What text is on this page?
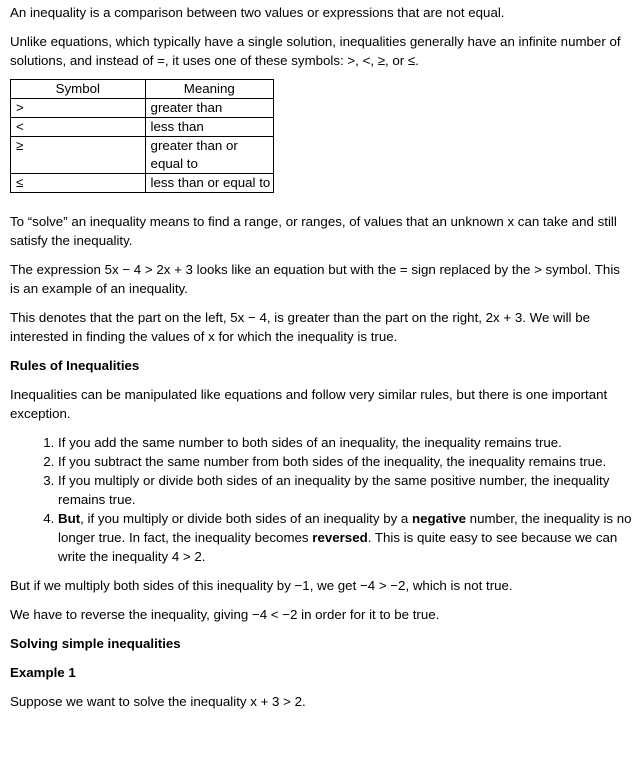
An inequality is a comparison between two values or expressions that are not equal.

Unlike equations, which typically have a single solution, inequalities generally have an infinite number of solutions, and instead of =, it uses one of these symbols: >, <, ≥, or ≤.

Symbol	Meaning
>	greater than
<	less than
≥	greater than or equal to
≤	less than or equal to

To “solve” an inequality means to find a range, or ranges, of values that an unknown x can take and still satisfy the inequality.

The expression 5x − 4 > 2x + 3 looks like an equation but with the = sign replaced by the > symbol. This is an example of an inequality.

This denotes that the part on the left, 5x − 4, is greater than the part on the right, 2x + 3. We will be interested in finding the values of x for which the inequality is true.

Rules of Inequalities

Inequalities can be manipulated like equations and follow very similar rules, but there is one important exception.

1. If you add the same number to both sides of an inequality, the inequality remains true.
2. If you subtract the same number from both sides of the inequality, the inequality remains true.
3. If you multiply or divide both sides of an inequality by the same positive number, the inequality remains true.
4. But, if you multiply or divide both sides of an inequality by a negative number, the inequality is no longer true. In fact, the inequality becomes reversed. This is quite easy to see because we can write the inequality 4 > 2.

But if we multiply both sides of this inequality by −1, we get −4 > −2, which is not true.

We have to reverse the inequality, giving −4 < −2 in order for it to be true.

Solving simple inequalities

Example 1

Suppose we want to solve the inequality x + 3 > 2.
